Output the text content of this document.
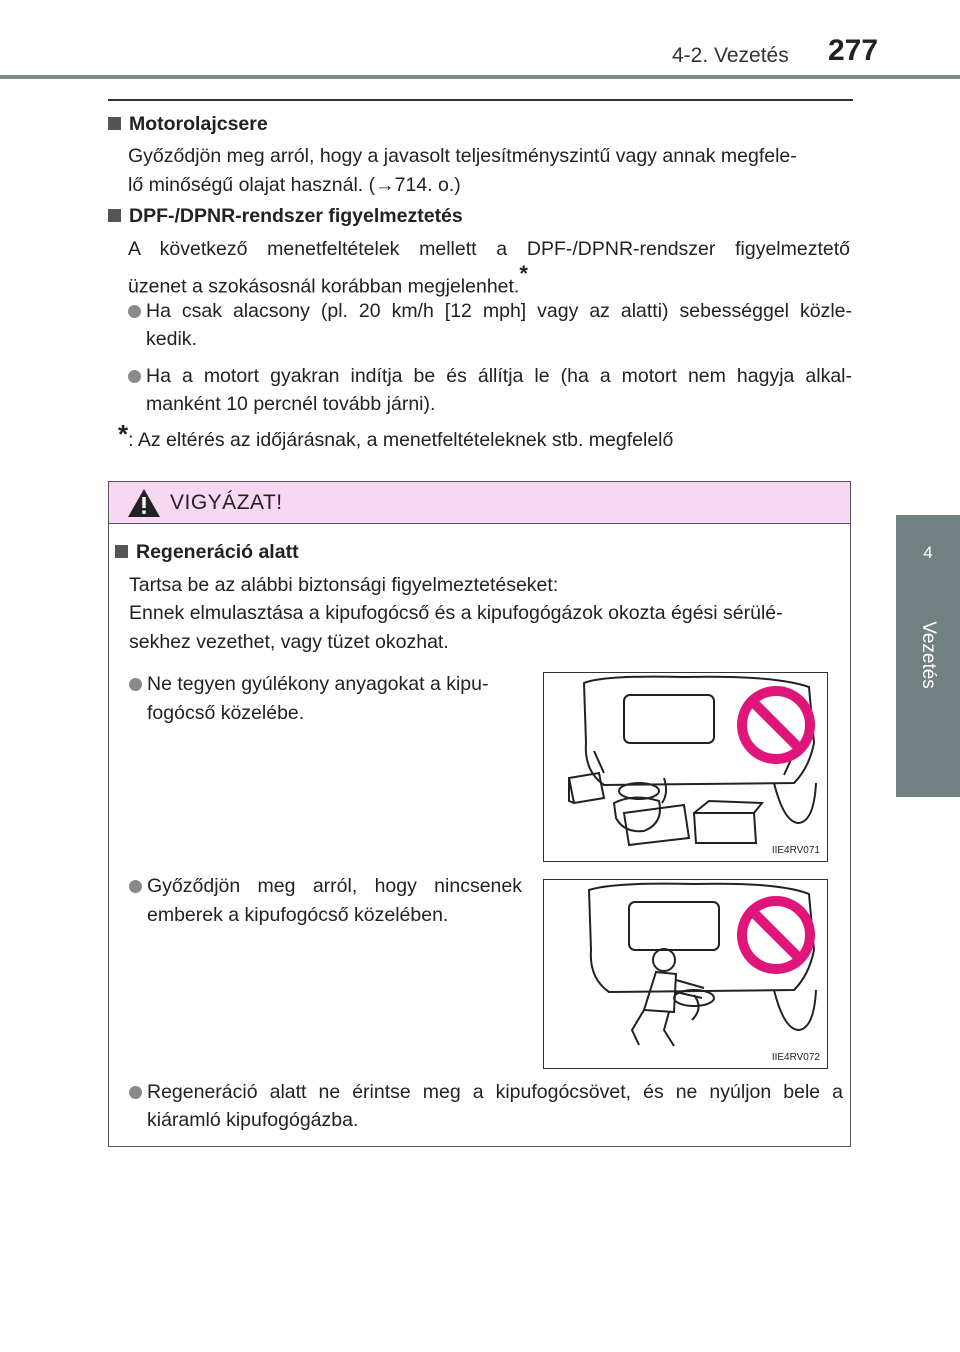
4-2. Vezetés 277
4
Vezetés
Motorolajcsere
Győződjön meg arról, hogy a javasolt teljesítményszintű vagy annak megfele-
lő minőségű olajat használ. (→714. o.)
DPF-/DPNR-rendszer figyelmeztetés
A következő menetfeltételek mellett a DPF-/DPNR-rendszer figyelmeztető
üzenet a szokásosnál korábban megjelenhet.*
Ha csak alacsony (pl. 20 km/h [12 mph] vagy az alatti) sebességgel közle-
kedik.
Ha a motort gyakran indítja be és állítja le (ha a motort nem hagyja alkal-
manként 10 percnél tovább járni).
*: Az eltérés az időjárásnak, a menetfeltételeknek stb. megfelelő
VIGYÁZAT!
Regeneráció alatt
Tartsa be az alábbi biztonsági figyelmeztetéseket:
Ennek elmulasztása a kipufogócső és a kipufogógázok okozta égési sérülé-
sekhez vezethet, vagy tüzet okozhat.
Ne tegyen gyúlékony anyagokat a kipu-
fogócső közelébe.
Győződjön meg arról, hogy nincsenek
emberek a kipufogócső közelében.
Regeneráció alatt ne érintse meg a kipufogócsövet, és ne nyúljon bele a
kiáramló kipufogógázba.
IIE4RV071
IIE4RV072
